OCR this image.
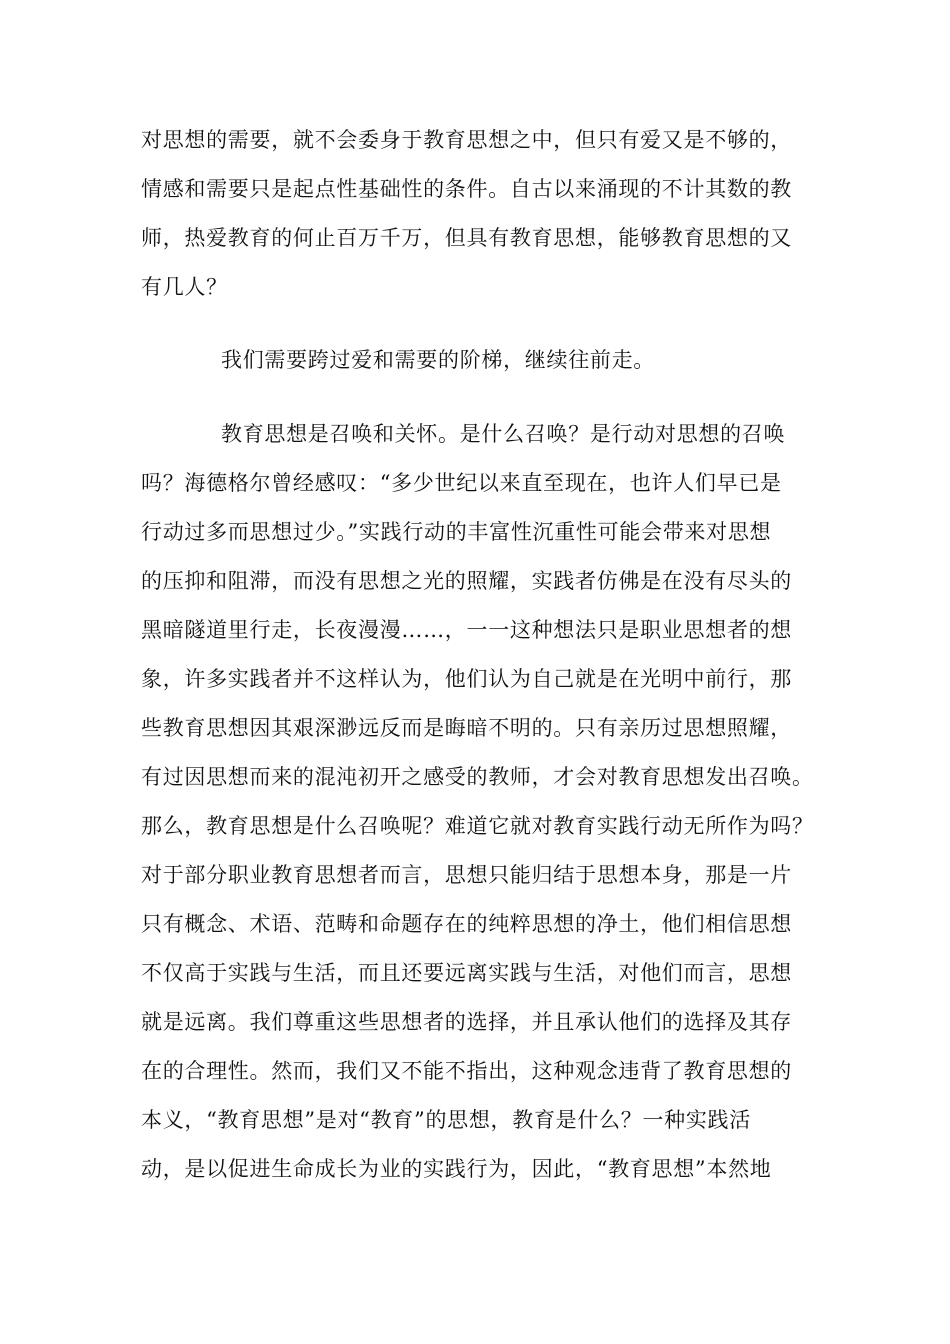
对思想的需要，就不会委身于教育思想之中，但只有爱又是不够的，
情感和需要只是起点性基础性的条件。自古以来涌现的不计其数的教
师，热爱教育的何止百万千万，但具有教育思想，能够教育思想的又
有几人？
我们需要跨过爱和需要的阶梯，继续往前走。
教育思想是召唤和关怀。是什么召唤？是行动对思想的召唤
吗？海德格尔曾经感叹：“多少世纪以来直至现在，也许人们早已是
行动过多而思想过少。”实践行动的丰富性沉重性可能会带来对思想
的压抑和阻滞，而没有思想之光的照耀，实践者仿佛是在没有尽头的
黑暗隧道里行走，长夜漫漫……，一一这种想法只是职业思想者的想
象，许多实践者并不这样认为，他们认为自己就是在光明中前行，那
些教育思想因其艰深渺远反而是晦暗不明的。只有亲历过思想照耀，
有过因思想而来的混沌初开之感受的教师，才会对教育思想发出召唤。
那么，教育思想是什么召唤呢？难道它就对教育实践行动无所作为吗？
对于部分职业教育思想者而言，思想只能归结于思想本身，那是一片
只有概念、术语、范畴和命题存在的纯粹思想的净土，他们相信思想
不仅高于实践与生活，而且还要远离实践与生活，对他们而言，思想
就是远离。我们尊重这些思想者的选择，并且承认他们的选择及其存
在的合理性。然而，我们又不能不指出，这种观念违背了教育思想的
本义，“教育思想”是对“教育”的思想，教育是什么？一种实践活
动，是以促进生命成长为业的实践行为，因此，“教育思想”本然地
